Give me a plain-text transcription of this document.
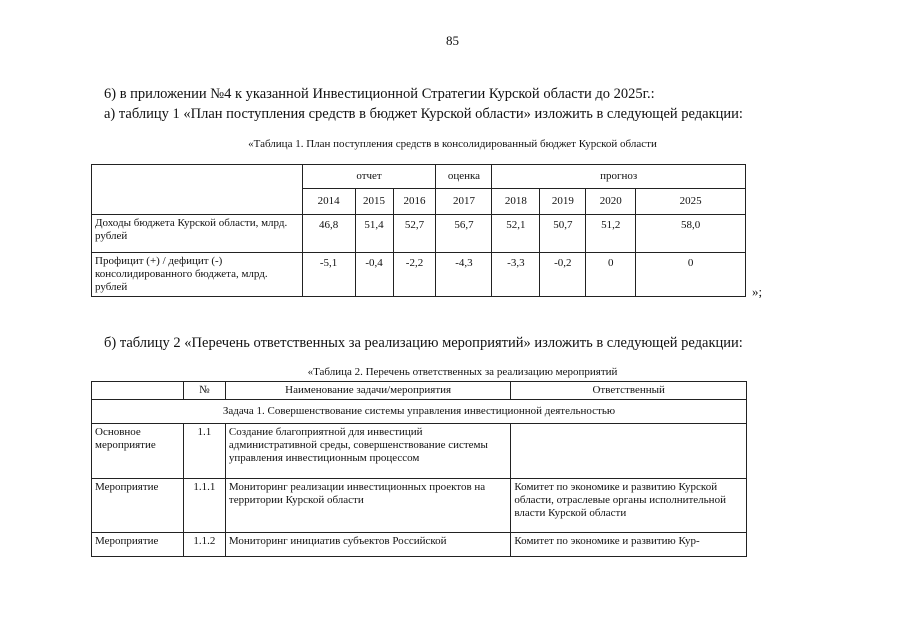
85
6) в приложении №4 к указанной Инвестиционной Стратегии Курской области до 2025г.:
а) таблицу 1 «План поступления средств в бюджет Курской области» изложить в следующей редакции:
«Таблица 1. План поступления средств в консолидированный бюджет Курской области
	отчет			оценка	прогноз			
	2014	2015	2016	2017	2018	2019	2020	2025
Доходы бюджета Курской области, млрд. рублей	46,8	51,4	52,7	56,7	52,1	50,7	51,2	58,0
Профицит (+) / дефицит (-) консолидированного бюджета, млрд. рублей	-5,1	-0,4	-2,2	-4,3	-3,3	-0,2	0	0
»;
б) таблицу 2 «Перечень ответственных за реализацию мероприятий» изложить в следующей редакции:
«Таблица 2. Перечень ответственных за реализацию мероприятий
	№	Наименование задачи/мероприятия	Ответственный
Задача 1. Совершенствование системы управления инвестиционной деятельностью			
Основное мероприятие	1.1	Создание благоприятной для инвестиций административной среды, совершенствование системы управления инвестиционным процессом	
Мероприятие	1.1.1	Мониторинг реализации инвестиционных проектов на территории Курской области	Комитет по экономике и развитию Курской области, отраслевые органы исполнительной власти Курской области
Мероприятие	1.1.2	Мониторинг инициатив субъектов Российской	Комитет по экономике и развитию Кур-
